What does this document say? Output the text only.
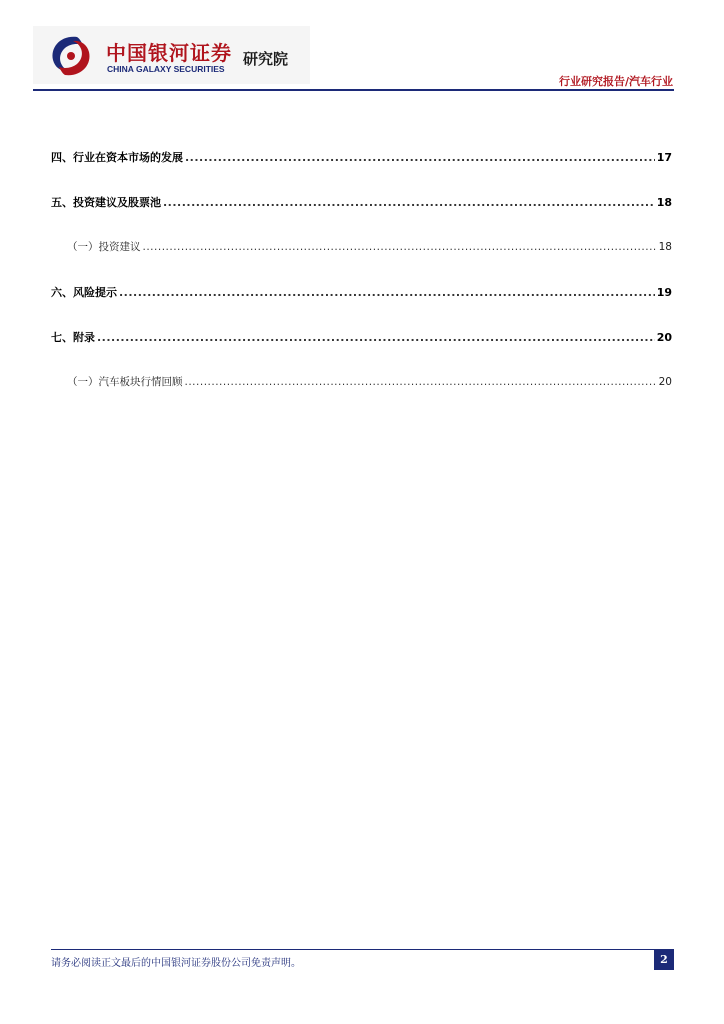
中国银河证券
CHINA GALAXY SECURITIES
研究院
行业研究报告/汽车行业
四、行业在资本市场的发展 .....	17
五、投资建议及股票池 .....	18
（一）投资建议 .....	18
六、风险提示 .....	19
七、附录 .....	20
（一）汽车板块行情回顾 .....	20
请务必阅读正文最后的中国银河证券股份公司免责声明。	2
